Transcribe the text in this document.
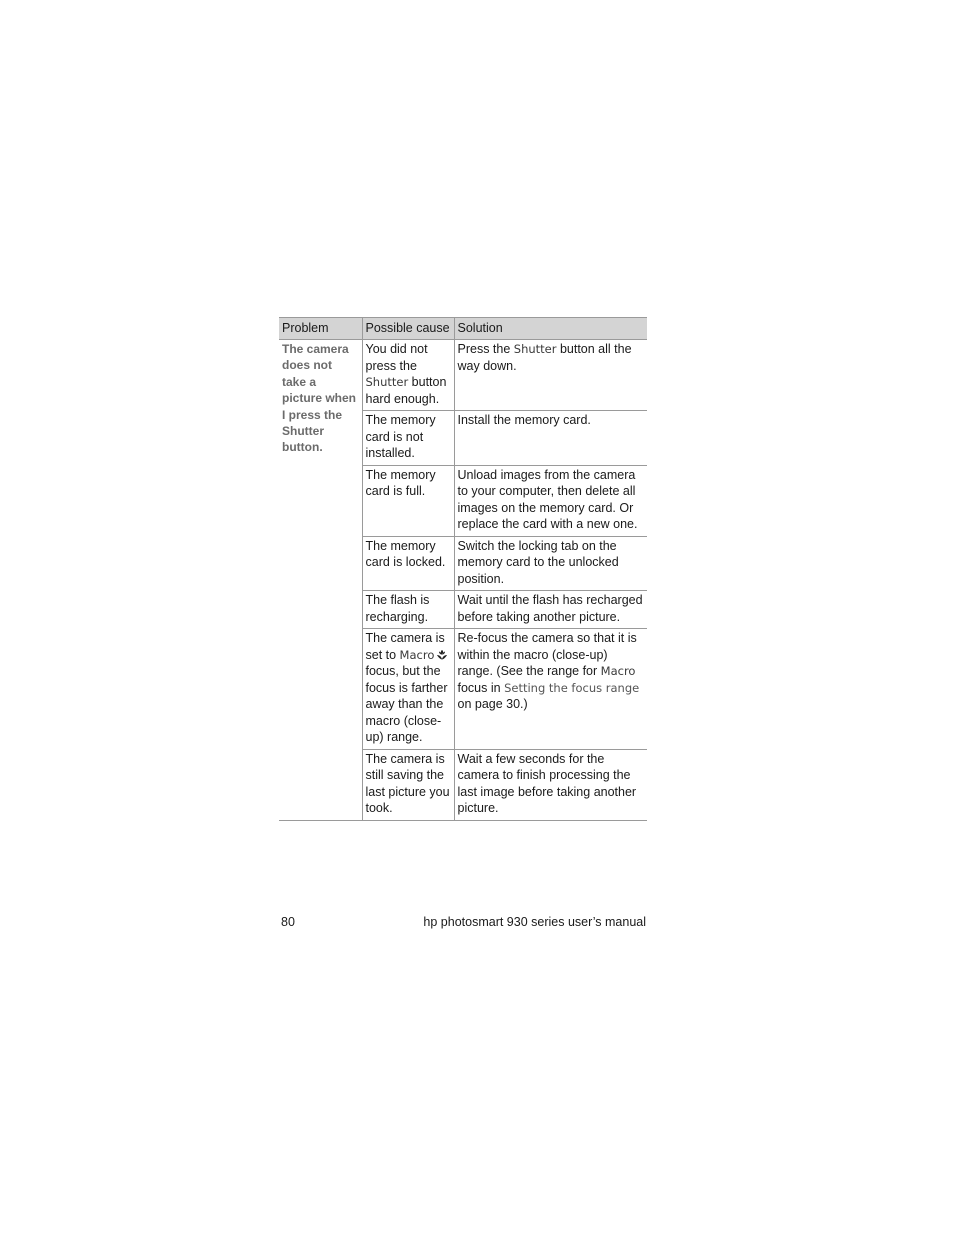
Problem	Possible cause	Solution
The camera does not take a picture when I press the Shutter button.	You did not press the Shutter button hard enough.	Press the Shutter button all the way down.
	The memory card is not installed.	Install the memory card.
	The memory card is full.	Unload images from the camera to your computer, then delete all images on the memory card. Or replace the card with a new one.
	The memory card is locked.	Switch the locking tab on the memory card to the unlocked position.
	The flash is recharging.	Wait until the flash has recharged before taking another picture.
	The camera is set to Macro focus, but the focus is farther away than the macro (close-up) range.	Re-focus the camera so that it is within the macro (close-up) range. (See the range for Macro focus in Setting the focus range on page 30.)
	The camera is still saving the last picture you took.	Wait a few seconds for the camera to finish processing the last image before taking another picture.
80	hp photosmart 930 series user’s manual
